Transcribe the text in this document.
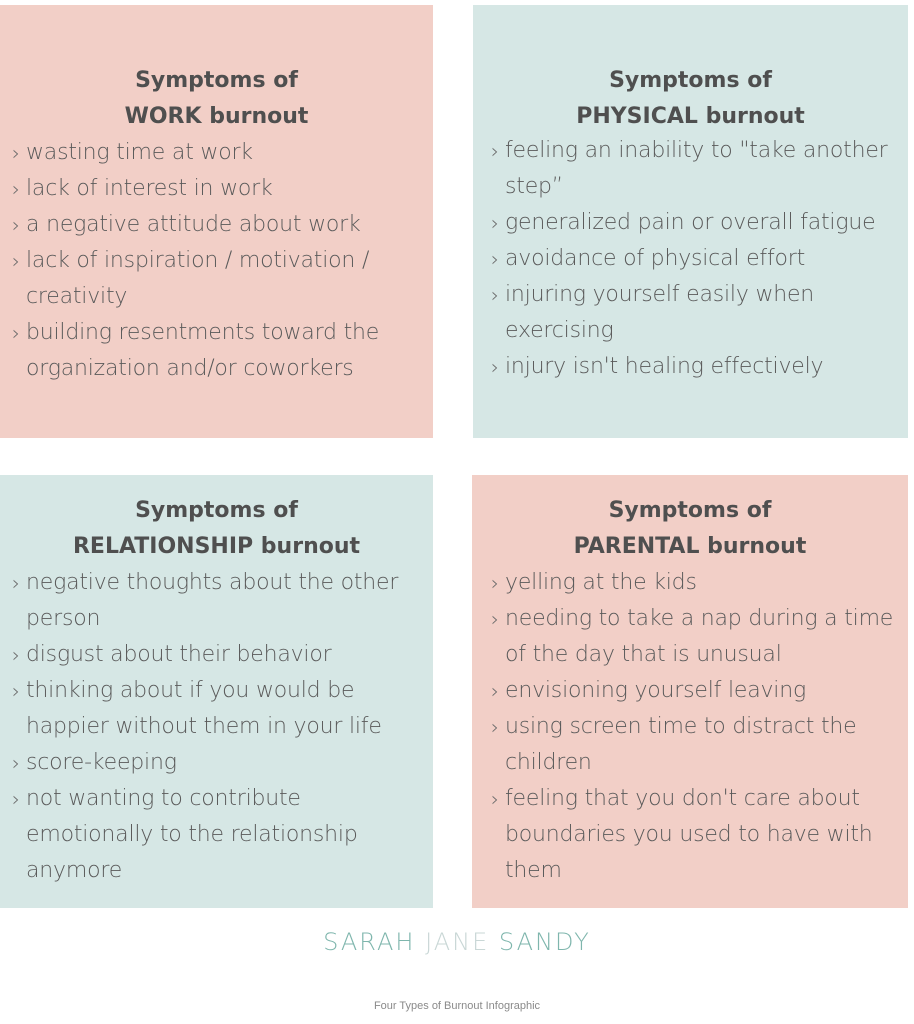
Symptoms of
WORK burnout
› wasting time at work
› lack of interest in work
› a negative attitude about work
› lack of inspiration / motivation / creativity
› building resentments toward the organization and/or coworkers
Symptoms of
PHYSICAL burnout
› feeling an inability to "take another step”
› generalized pain or overall fatigue
› avoidance of physical effort
› injuring yourself easily when exercising
› injury isn't healing effectively
Symptoms of
RELATIONSHIP burnout
› negative thoughts about the other person
› disgust about their behavior
› thinking about if you would be happier without them in your life
› score-keeping
› not wanting to contribute emotionally to the relationship anymore
Symptoms of
PARENTAL burnout
› yelling at the kids
› needing to take a nap during a time of the day that is unusual
› envisioning yourself leaving
› using screen time to distract the children
› feeling that you don't care about boundaries you used to have with them
SARAH JANE SANDY
Four Types of Burnout Infographic
